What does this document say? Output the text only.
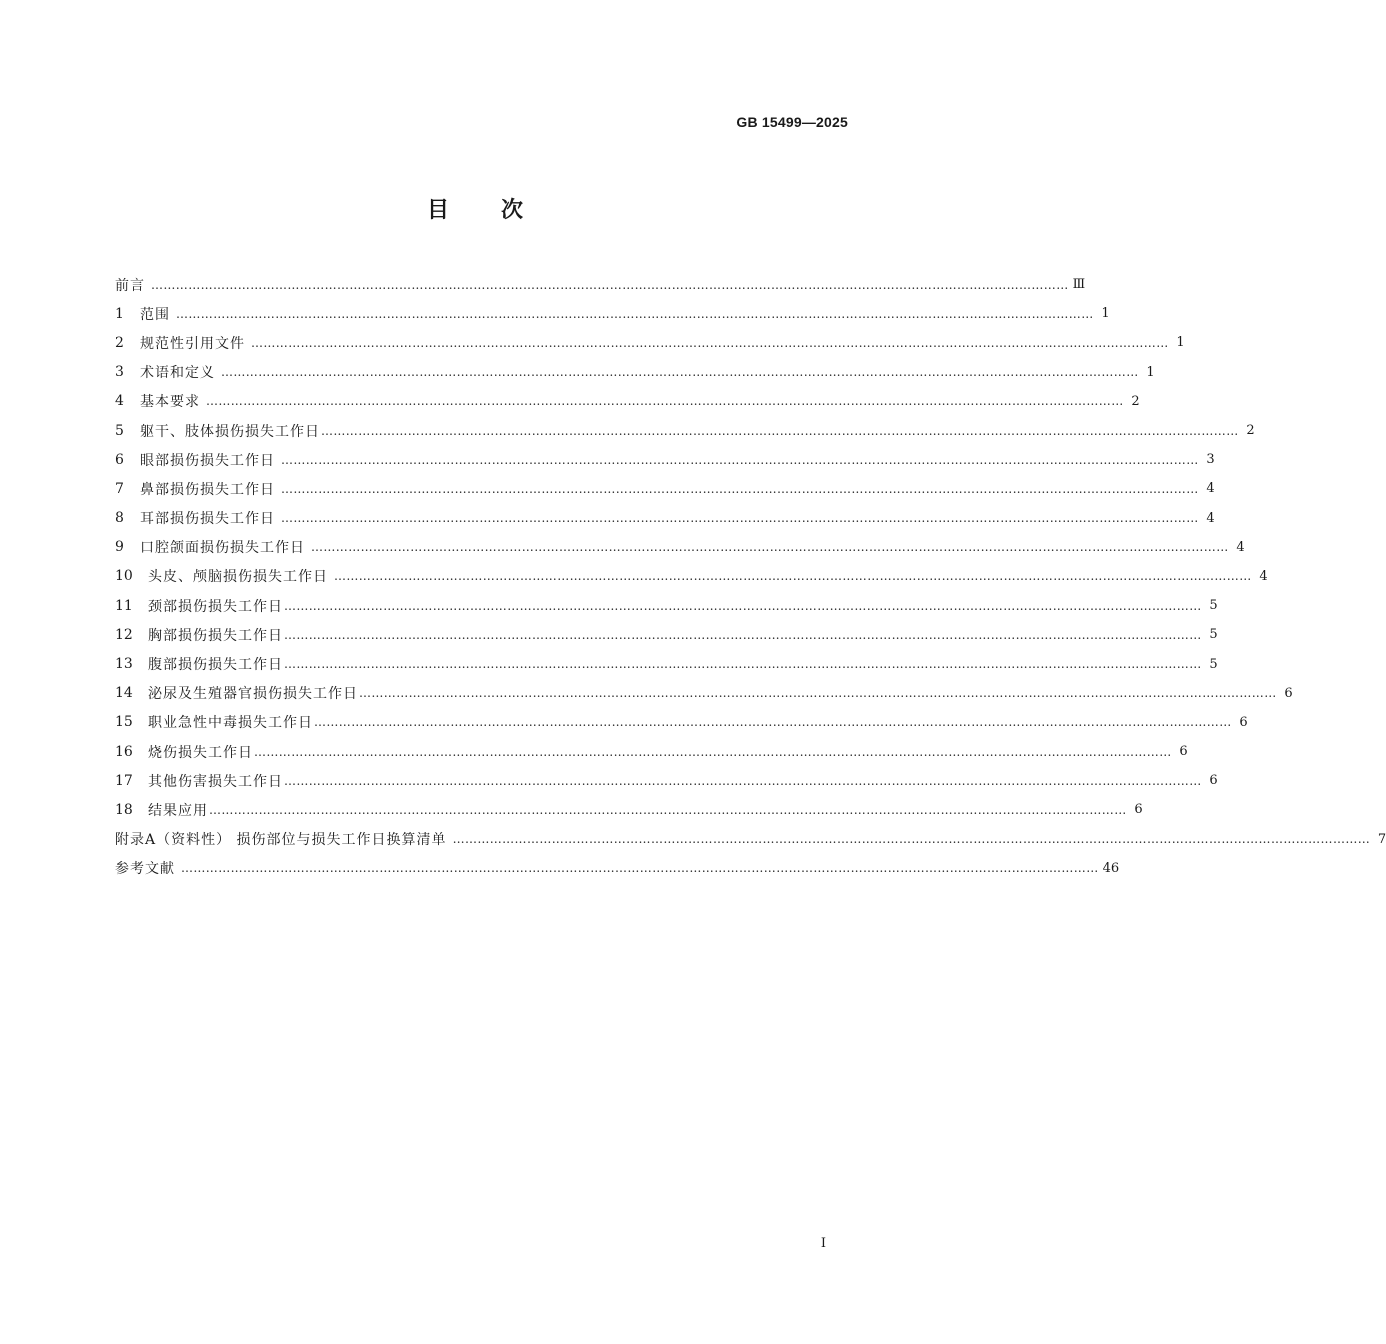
GB 15499—2025
目次
前言 …………………………………………………………………………………………………………………………………………………………………………………………………… Ⅲ
1	范围 …………………………………………………………………………………………………………………………………………………………………………………………………… 1
2	规范性引用文件 …………………………………………………………………………………………………………………………………………………………………………………………………… 1
3	术语和定义 …………………………………………………………………………………………………………………………………………………………………………………………………… 1
4	基本要求 …………………………………………………………………………………………………………………………………………………………………………………………………… 2
5	躯干、肢体损伤损失工作日 …………………………………………………………………………………………………………………………………………………………………………………………………… 2
6	眼部损伤损失工作日 …………………………………………………………………………………………………………………………………………………………………………………………………… 3
7	鼻部损伤损失工作日 …………………………………………………………………………………………………………………………………………………………………………………………………… 4
8	耳部损伤损失工作日 …………………………………………………………………………………………………………………………………………………………………………………………………… 4
9	口腔颌面损伤损失工作日 …………………………………………………………………………………………………………………………………………………………………………………………………… 4
10	头皮、颅脑损伤损失工作日 …………………………………………………………………………………………………………………………………………………………………………………………………… 4
11	颈部损伤损失工作日 …………………………………………………………………………………………………………………………………………………………………………………………………… 5
12	胸部损伤损失工作日 …………………………………………………………………………………………………………………………………………………………………………………………………… 5
13	腹部损伤损失工作日 …………………………………………………………………………………………………………………………………………………………………………………………………… 5
14	泌尿及生殖器官损伤损失工作日 …………………………………………………………………………………………………………………………………………………………………………………………………… 6
15	职业急性中毒损失工作日 …………………………………………………………………………………………………………………………………………………………………………………………………… 6
16	烧伤损失工作日 …………………………………………………………………………………………………………………………………………………………………………………………………… 6
17	其他伤害损失工作日 …………………………………………………………………………………………………………………………………………………………………………………………………… 6
18	结果应用 …………………………………………………………………………………………………………………………………………………………………………………………………… 6
附录A（资料性） 损伤部位与损失工作日换算清单 …………………………………………………………………………………………………………………………………………………………………………………………………… 7
参考文献 …………………………………………………………………………………………………………………………………………………………………………………………………… 46
Ⅰ
